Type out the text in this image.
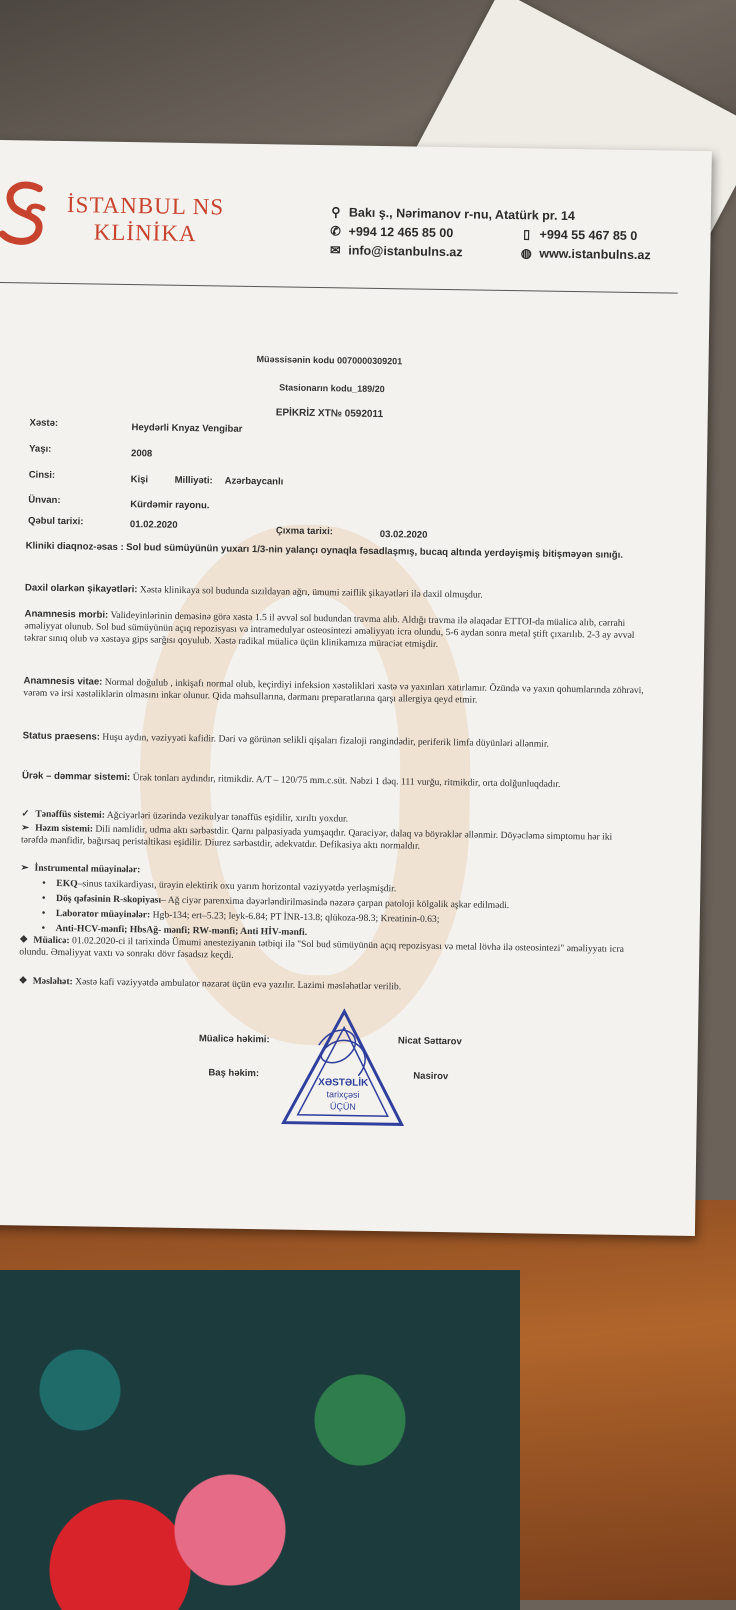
İSTANBUL NS
KLİNİKA
⚲ Bakı ş., Nərimanov r-nu, Atatürk pr. 14
✆ +994 12 465 85 00	▯ +994 55 467 85 0
✉ info@istanbulns.az	◍ www.istanbulns.az
Müəssisənin kodu 0070000309201
Stasionarın kodu_189/20
EPİKRİZ XT№ 0592011
Xəstə:	Heydərli Knyaz Vengibar
Yaşı:	2008
Cinsi:	Kişi	Milliyəti: Azərbaycanlı
Ünvan:	Kürdəmir rayonu.
Qəbul tarixi:	01.02.2020
Çıxma tarixi:	03.02.2020
Kliniki diaqnoz-əsas : Sol bud sümüyünün yuxarı 1/3-nin yalançı oynaqla fəsadlaşmış, bucaq altında yerdəyişmiş bitişməyən sınığı.
Daxil olarkən şikayətləri: Xəstə klinikaya sol budunda sızıldayan ağrı, ümumi zəiflik şikayətləri ilə daxil olmuşdur.
Anamnesis morbi: Valideyinlərinin deməsinə görə xəstə 1.5 il əvvəl sol budundan travma alıb. Aldığı travma ilə əlaqədar ETTOI-da müalicə alıb, cərrahi əməliyyat olunub. Sol bud sümüyünün açıq repozisyası və intramedulyar osteosintezi əməliyyatı icra olundu, 5-6 aydan sonra metal ştift çıxarılıb. 2-3 ay əvvəl təkrar sınıq olub və xəstəyə gips sarğısı qoyulub. Xəstə radikal müalicə üçün klinikamıza müraciət etmişdir.
Anamnesis vitae: Normal doğulub , inkişafı normal olub, keçirdiyi infeksion xəstəlikləri xəstə və yaxınları xatırlamır. Özündə və yaxın qohumlarında zöhrəvi, vərəm və irsi xəstəliklərin olmasını inkar olunur. Qida məhsullarına, dərmanı preparatlarına qarşı allergiya qeyd etmir.
Status praesens: Huşu aydın, vəziyyəti kafidir. Dəri və görünən selikli qişaları fizaloji rəngindədir, periferik limfa düyünləri əllənmir.
Ürək – dəmmar sistemi: Ürək tonları aydındır, ritmikdir. A/T – 120/75 mm.c.süt. Nəbzi 1 dəq. 111 vurğu, ritmikdir, orta dolğunluqdadır.
✓ Tənəffüs sistemi: Ağciyərləri üzərində vezikulyar tənəffüs eşidilir, xırıltı yoxdur.
➢ Həzm sistemi: Dili nəmlidir, udma aktı sərbəstdir. Qarnı palpasiyada yumşaqdır. Qaraciyər, dalaq və böyrəklər əllənmir. Döyəcləmə simptomu hər iki tərəfdə mənfidir, bağırsaq peristaltikası eşidilir. Diurez sərbəstdir, adekvatdır. Defikasiya aktı normaldır.
➢ İnstrumental müayinələr:
• EKQ–sinus taxikardiyası, ürəyin elektirik oxu yarım horizontal vəziyyətdə yerləşmişdir.
• Döş qəfəsinin R-skopiyası– Ağ ciyər parenxima dəyərləndirilməsində nəzərə çarpan patoloji kölgəlik aşkar edilmədi.
• Laborator müayinələr: Hgb-134; ert–5.23; leyk-6.84; PT İNR-13.8; qlükoza-98.3; Kreatinin-0.63;
• Anti-HCV-mənfi; HbsAğ- mənfi; RW-mənfi; Anti HİV-mənfi.
❖ Müalicə: 01.02.2020-ci il tarixində Ümumi anesteziyanın tətbiqi ilə "Sol bud sümüyünün açıq repozisyası və metal lövhə ilə osteosintezi" əməliyyatı icra olundu. Əməliyyat vaxtı və sonrakı dövr fəsadsız keçdi.
❖ Məsləhət: Xəstə kafi vəziyyətdə ambulator nəzarət üçün evə yazılır. Lazimi məsləhətlər verilib.
Müalicə həkimi:	Nicat Səttarov
Baş həkim:	Nasirov
XƏSTƏLİK
tarixçəsi
ÜÇÜN
